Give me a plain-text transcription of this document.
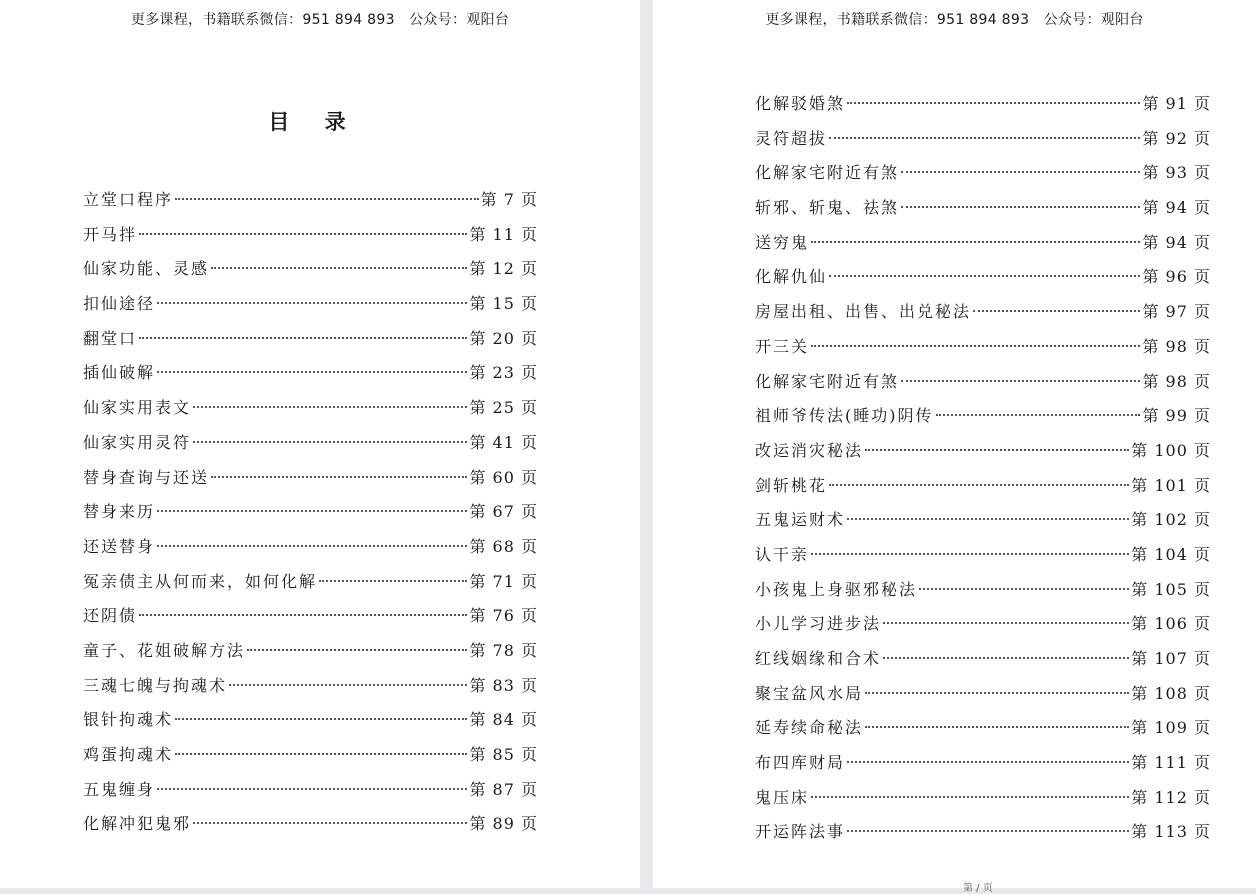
更多课程，书籍联系微信：951 894 893　公众号：观阳台
目 录
立堂口程序	第 7 页
开马拌	第 11 页
仙家功能、灵感	第 12 页
扣仙途径	第 15 页
翻堂口	第 20 页
插仙破解	第 23 页
仙家实用表文	第 25 页
仙家实用灵符	第 41 页
替身查询与还送	第 60 页
替身来历	第 67 页
还送替身	第 68 页
冤亲债主从何而来，如何化解	第 71 页
还阴债	第 76 页
童子、花姐破解方法	第 78 页
三魂七魄与拘魂术	第 83 页
银针拘魂术	第 84 页
鸡蛋拘魂术	第 85 页
五鬼缠身	第 87 页
化解冲犯鬼邪	第 89 页
更多课程，书籍联系微信：951 894 893　公众号：观阳台
第 / 页
化解驳婚煞	第 91 页
灵符超拔	第 92 页
化解家宅附近有煞	第 93 页
斩邪、斩鬼、祛煞	第 94 页
送穷鬼	第 94 页
化解仇仙	第 96 页
房屋出租、出售、出兑秘法	第 97 页
开三关	第 98 页
化解家宅附近有煞	第 98 页
祖师爷传法(睡功)阴传	第 99 页
改运消灾秘法	第 100 页
剑斩桃花	第 101 页
五鬼运财术	第 102 页
认干亲	第 104 页
小孩鬼上身驱邪秘法	第 105 页
小儿学习进步法	第 106 页
红线姻缘和合术	第 107 页
聚宝盆风水局	第 108 页
延寿续命秘法	第 109 页
布四库财局	第 111 页
鬼压床	第 112 页
开运阵法事	第 113 页
